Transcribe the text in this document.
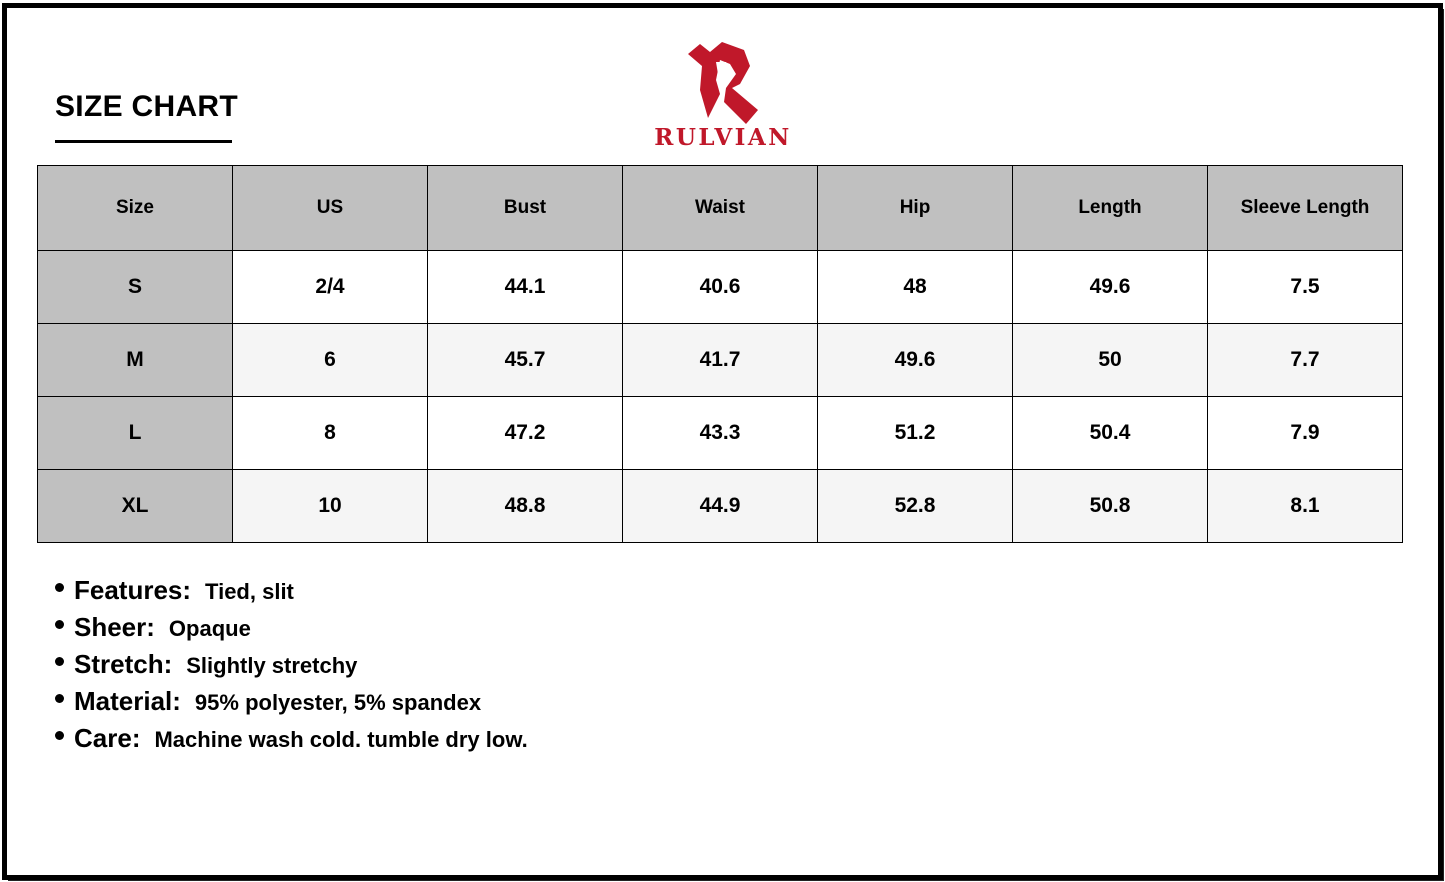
SIZE CHART
RULVIAN
Size	US	Bust	Waist	Hip	Length	Sleeve Length
S	2/4	44.1	40.6	48	49.6	7.5
M	6	45.7	41.7	49.6	50	7.7
L	8	47.2	43.3	51.2	50.4	7.9
XL	10	48.8	44.9	52.8	50.8	8.1
Features: Tied, slit
Sheer: Opaque
Stretch: Slightly stretchy
Material: 95% polyester, 5% spandex
Care: Machine wash cold. tumble dry low.
